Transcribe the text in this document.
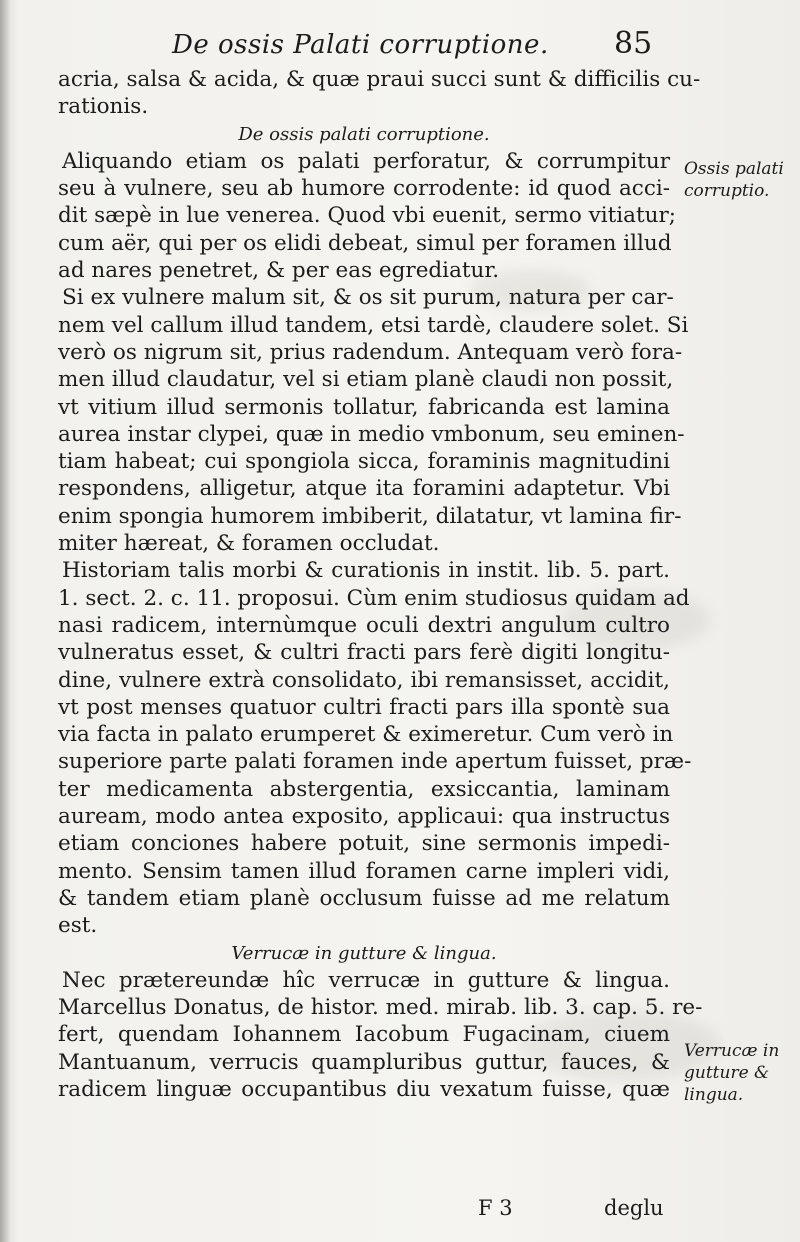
De ossis Palati corruptione. 85
acria, salsa & acida, & quæ praui succi sunt & difficilis cu-
rationis.
De ossis palati corruptione.
Aliquando etiam os palati perforatur, & corrumpitur
seu à vulnere, seu ab humore corrodente: id quod acci-
dit sæpè in lue venerea. Quod vbi euenit, sermo vitiatur;
cum aër, qui per os elidi debeat, simul per foramen illud
ad nares penetret, & per eas egrediatur.
Si ex vulnere malum sit, & os sit purum, natura per car-
nem vel callum illud tandem, etsi tardè, claudere solet. Si
verò os nigrum sit, prius radendum. Antequam verò fora-
men illud claudatur, vel si etiam planè claudi non possit,
vt vitium illud sermonis tollatur, fabricanda est lamina
aurea instar clypei, quæ in medio vmbonum, seu eminen-
tiam habeat; cui spongiola sicca, foraminis magnitudini
respondens, alligetur, atque ita foramini adaptetur. Vbi
enim spongia humorem imbiberit, dilatatur, vt lamina fir-
miter hæreat, & foramen occludat.
Historiam talis morbi & curationis in instit. lib. 5. part.
1. sect. 2. c. 11. proposui. Cùm enim studiosus quidam ad
nasi radicem, internùmque oculi dextri angulum cultro
vulneratus esset, & cultri fracti pars ferè digiti longitu-
dine, vulnere extrà consolidato, ibi remansisset, accidit,
vt post menses quatuor cultri fracti pars illa spontè sua
via facta in palato erumperet & eximeretur. Cum verò in
superiore parte palati foramen inde apertum fuisset, præ-
ter medicamenta abstergentia, exsiccantia, laminam
auream, modo antea exposito, applicaui: qua instructus
etiam conciones habere potuit, sine sermonis impedi-
mento. Sensim tamen illud foramen carne impleri vidi,
& tandem etiam planè occlusum fuisse ad me relatum
est.
Verrucæ in gutture & lingua.
Nec prætereundæ hîc verrucæ in gutture & lingua.
Marcellus Donatus, de histor. med. mirab. lib. 3. cap. 5. re-
fert, quendam Iohannem Iacobum Fugacinam, ciuem
Mantuanum, verrucis quampluribus guttur, fauces, &
radicem linguæ occupantibus diu vexatum fuisse, quæ
Ossis palati corruptio.
Verrucæ in gutture & lingua.
F 3	deglu
